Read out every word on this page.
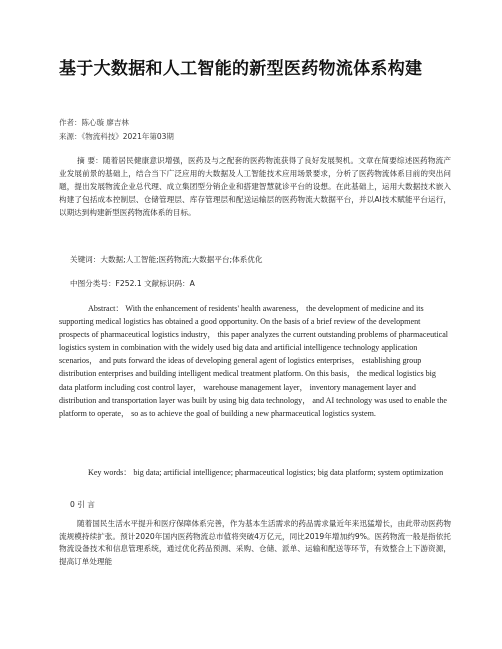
基于大数据和人工智能的新型医药物流体系构建
作者：陈心璇 廖吉林
来源：《物流科技》2021年第03期
摘 要：随着居民健康意识增强，医药及与之配套的医药物流获得了良好发展契机。文章在简要综述医药物流产业发展前景的基础上，结合当下广泛应用的大数据及人工智能技术应用场景要求，分析了医药物流体系目前的突出问题，提出发展物流企业总代理、成立集团型分销企业和搭建智慧就诊平台的设想。在此基础上，运用大数据技术嵌入构建了包括成本控制层、仓储管理层、库存管理层和配送运输层的医药物流大数据平台，并以AI技术赋能平台运行，以期达到构建新型医药物流体系的目标。
关键词：大数据;人工智能;医药物流;大数据平台;体系优化
中图分类号：F252.1 文献标识码：A
Abstract： With the enhancement of residents' health awareness， the development of medicine and its supporting medical logistics has obtained a good opportunity. On the basis of a brief review of the development prospects of pharmaceutical logistics industry， this paper analyzes the current outstanding problems of pharmaceutical logistics system in combination with the widely used big data and artificial intelligence technology application scenarios， and puts forward the ideas of developing general agent of logistics enterprises， establishing group distribution enterprises and building intelligent medical treatment platform. On this basis， the medical logistics big data platform including cost control layer， warehouse management layer， inventory management layer and distribution and transportation layer was built by using big data technology， and AI technology was used to enable the platform to operate， so as to achieve the goal of building a new pharmaceutical logistics system.
Key words： big data; artificial intelligence; pharmaceutical logistics; big data platform; system optimization
0 引 言
随着国民生活水平提升和医疗保障体系完善，作为基本生活需求的药品需求量近年来迅猛增长，由此带动医药物流规模持续扩张。预计2020年国内医药物流总市值将突破4万亿元，同比2019年增加约9%。医药物流一般是指依托物流设备技术和信息管理系统，通过优化药品预测、采购、仓储、派单、运输和配送等环节，有效整合上下游资源，提高订单处理能
